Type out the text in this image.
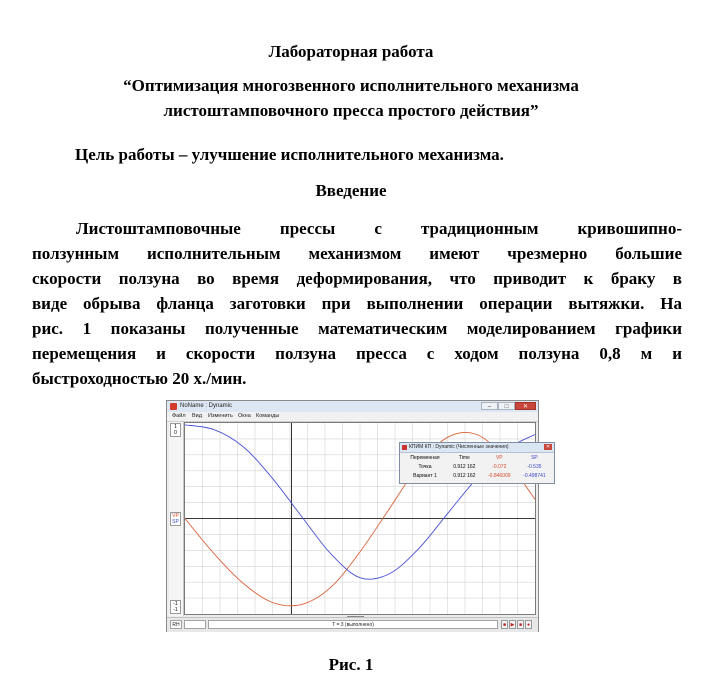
Лабораторная работа
“Оптимизация многозвенного исполнительного механизма
листоштамповочного пресса простого действия”
Цель работы – улучшение исполнительного механизма.
Введение
Листоштамповочные прессы с традиционным кривошипно-
ползунным исполнительным механизмом имеют чрезмерно большие
скорости ползуна во время деформирования, что приводит к браку в
виде обрыва фланца заготовки при выполнении операции вытяжки. На
рис. 1 показаны полученные математическим моделированием графики
перемещения и скорости ползуна пресса с ходом ползуна 0,8 м и
быстроходностью 20 х./мин.
NoName : Dynamic	–	□	✕
Файл Вид Изменить Окна Команды
1
0
VP
SP
-1
-1
КПИМ КП : Dynamic (Численные значения)	✕
Переменная	Time	VP	SP
Точка	0.912 162	-0.072	-0.535
Вариант 1	0.912 162	-0.846009	-0.498741
RH	T = 3 (выполнено)	■ ▶ ■ ●
Рис. 1
